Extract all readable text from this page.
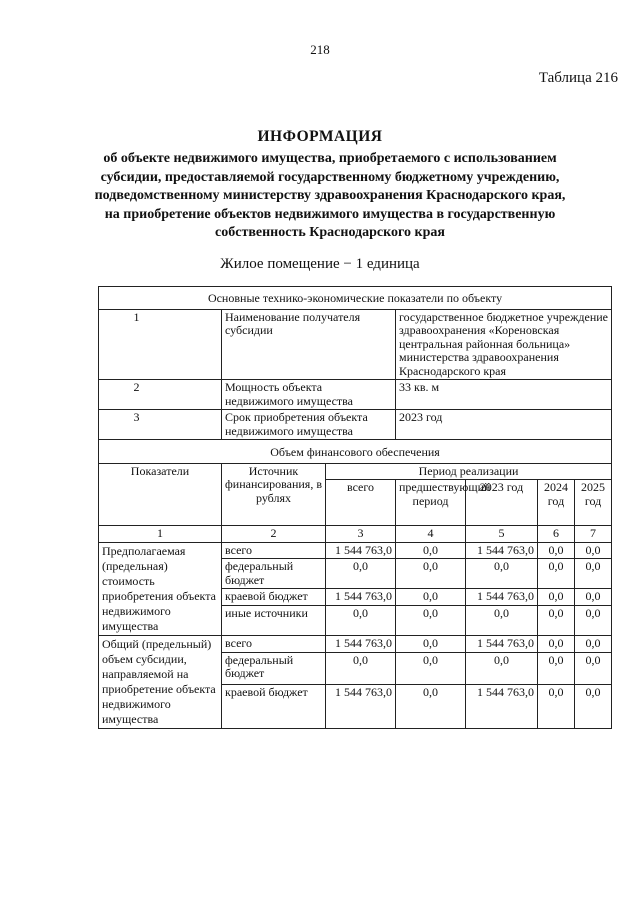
218
Таблица 216
ИНФОРМАЦИЯ
об объекте недвижимого имущества, приобретаемого с использованием
субсидии, предоставляемой государственному бюджетному учреждению,
подведомственному министерству здравоохранения Краснодарского края,
на приобретение объектов недвижимого имущества в государственную
собственность Краснодарского края
Жилое помещение − 1 единица
Основные технико-экономические показатели по объекту						
1	Наименование получателя субсидии		государственное бюджетное учреждение здравоохранения «Кореновская центральная районная больница» министерства здравоохранения Краснодарского края			
2	Мощность объекта недвижимого имущества		33 кв. м			
3	Срок приобретения объекта недвижимого имущества		2023 год			
Объем финансового обеспечения						
Показатели	Источник финансирования, в рублях	Период реализации				
		всего	предшествующий период	2023 год	2024 год	2025 год
1	2	3	4	5	6	7
Предполагаемая (предельная) стоимость приобретения объекта недвижимого имущества	всего	1 544 763,0	0,0	1 544 763,0	0,0	0,0
	федеральный бюджет	0,0	0,0	0,0	0,0	0,0
	краевой бюджет	1 544 763,0	0,0	1 544 763,0	0,0	0,0
	иные источники	0,0	0,0	0,0	0,0	0,0
Общий (предельный) объем субсидии, направляемой на приобретение объекта недвижимого имущества	всего	1 544 763,0	0,0	1 544 763,0	0,0	0,0
	федеральный бюджет	0,0	0,0	0,0	0,0	0,0
	краевой бюджет	1 544 763,0	0,0	1 544 763,0	0,0	0,0
